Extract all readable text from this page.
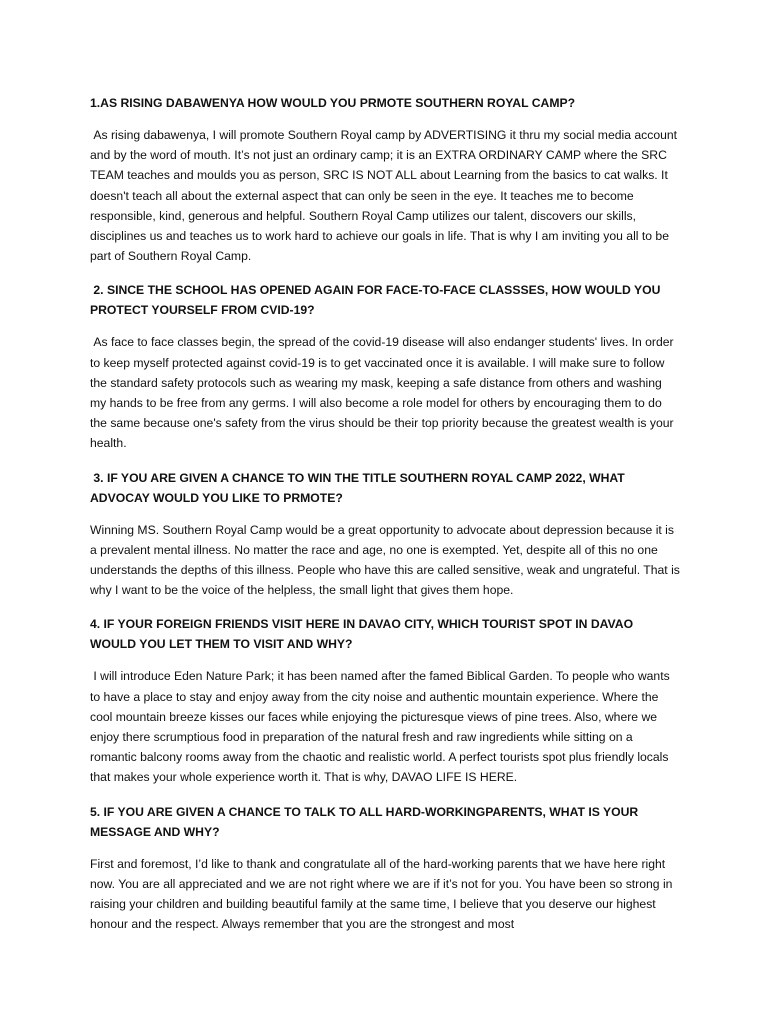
1.AS RISING DABAWENYA HOW WOULD YOU PRMOTE SOUTHERN ROYAL CAMP?
As rising dabawenya, I will promote Southern Royal camp by ADVERTISING it thru my social media account and by the word of mouth. It’s not just an ordinary camp; it is an EXTRA ORDINARY CAMP where the SRC TEAM teaches and moulds you as person, SRC IS NOT ALL about Learning from the basics to cat walks. It doesn't teach all about the external aspect that can only be seen in the eye. It teaches me to become responsible, kind, generous and helpful. Southern Royal Camp utilizes our talent, discovers our skills, disciplines us and teaches us to work hard to achieve our goals in life. That is why I am inviting you all to be part of Southern Royal Camp.
2. SINCE THE SCHOOL HAS OPENED AGAIN FOR FACE-TO-FACE CLASSSES, HOW WOULD YOU PROTECT YOURSELF FROM CVID-19?
As face to face classes begin, the spread of the covid-19 disease will also endanger students' lives. In order to keep myself protected against covid-19 is to get vaccinated once it is available. I will make sure to follow the standard safety protocols such as wearing my mask, keeping a safe distance from others and washing my hands to be free from any germs. I will also become a role model for others by encouraging them to do the same because one's safety from the virus should be their top priority because the greatest wealth is your health.
3. IF YOU ARE GIVEN A CHANCE TO WIN THE TITLE SOUTHERN ROYAL CAMP 2022, WHAT ADVOCAY WOULD YOU LIKE TO PRMOTE?
Winning MS. Southern Royal Camp would be a great opportunity to advocate about depression because it is a prevalent mental illness. No matter the race and age, no one is exempted. Yet, despite all of this no one understands the depths of this illness. People who have this are called sensitive, weak and ungrateful. That is why I want to be the voice of the helpless, the small light that gives them hope.
4. IF YOUR FOREIGN FRIENDS VISIT HERE IN DAVAO CITY, WHICH TOURIST SPOT IN DAVAO WOULD YOU LET THEM TO VISIT AND WHY?
I will introduce Eden Nature Park; it has been named after the famed Biblical Garden. To people who wants to have a place to stay and enjoy away from the city noise and authentic mountain experience. Where the cool mountain breeze kisses our faces while enjoying the picturesque views of pine trees. Also, where we enjoy there scrumptious food in preparation of the natural fresh and raw ingredients while sitting on a romantic balcony rooms away from the chaotic and realistic world. A perfect tourists spot plus friendly locals that makes your whole experience worth it. That is why, DAVAO LIFE IS HERE.
5. IF YOU ARE GIVEN A CHANCE TO TALK TO ALL HARD-WORKINGPARENTS, WHAT IS YOUR MESSAGE AND WHY?
First and foremost, I’d like to thank and congratulate all of the hard-working parents that we have here right now. You are all appreciated and we are not right where we are if it’s not for you. You have been so strong in raising your children and building beautiful family at the same time, I believe that you deserve our highest honour and the respect. Always remember that you are the strongest and most
